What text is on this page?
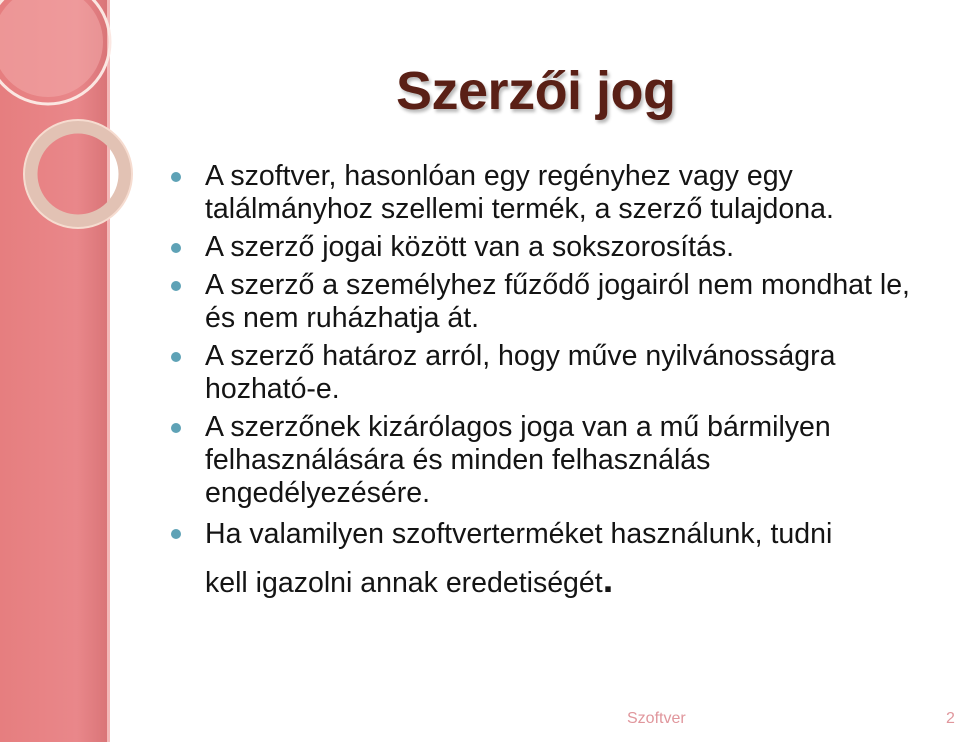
Szerzői jog
A szoftver, hasonlóan egy regényhez vagy egy találmányhoz szellemi termék, a szerző tulajdona.
A szerző jogai között van a sokszorosítás.
A szerző a személyhez fűződő jogairól nem mondhat le, és nem ruházhatja át.
A szerző határoz arról, hogy műve nyilvánosságra hozható-e.
A szerzőnek kizárólagos joga van a mű bármilyen felhasználására és minden felhasználás engedélyezésére.
Ha valamilyen szoftverterméket használunk, tudni
kell igazolni annak eredetiségét.
Szoftver	2
